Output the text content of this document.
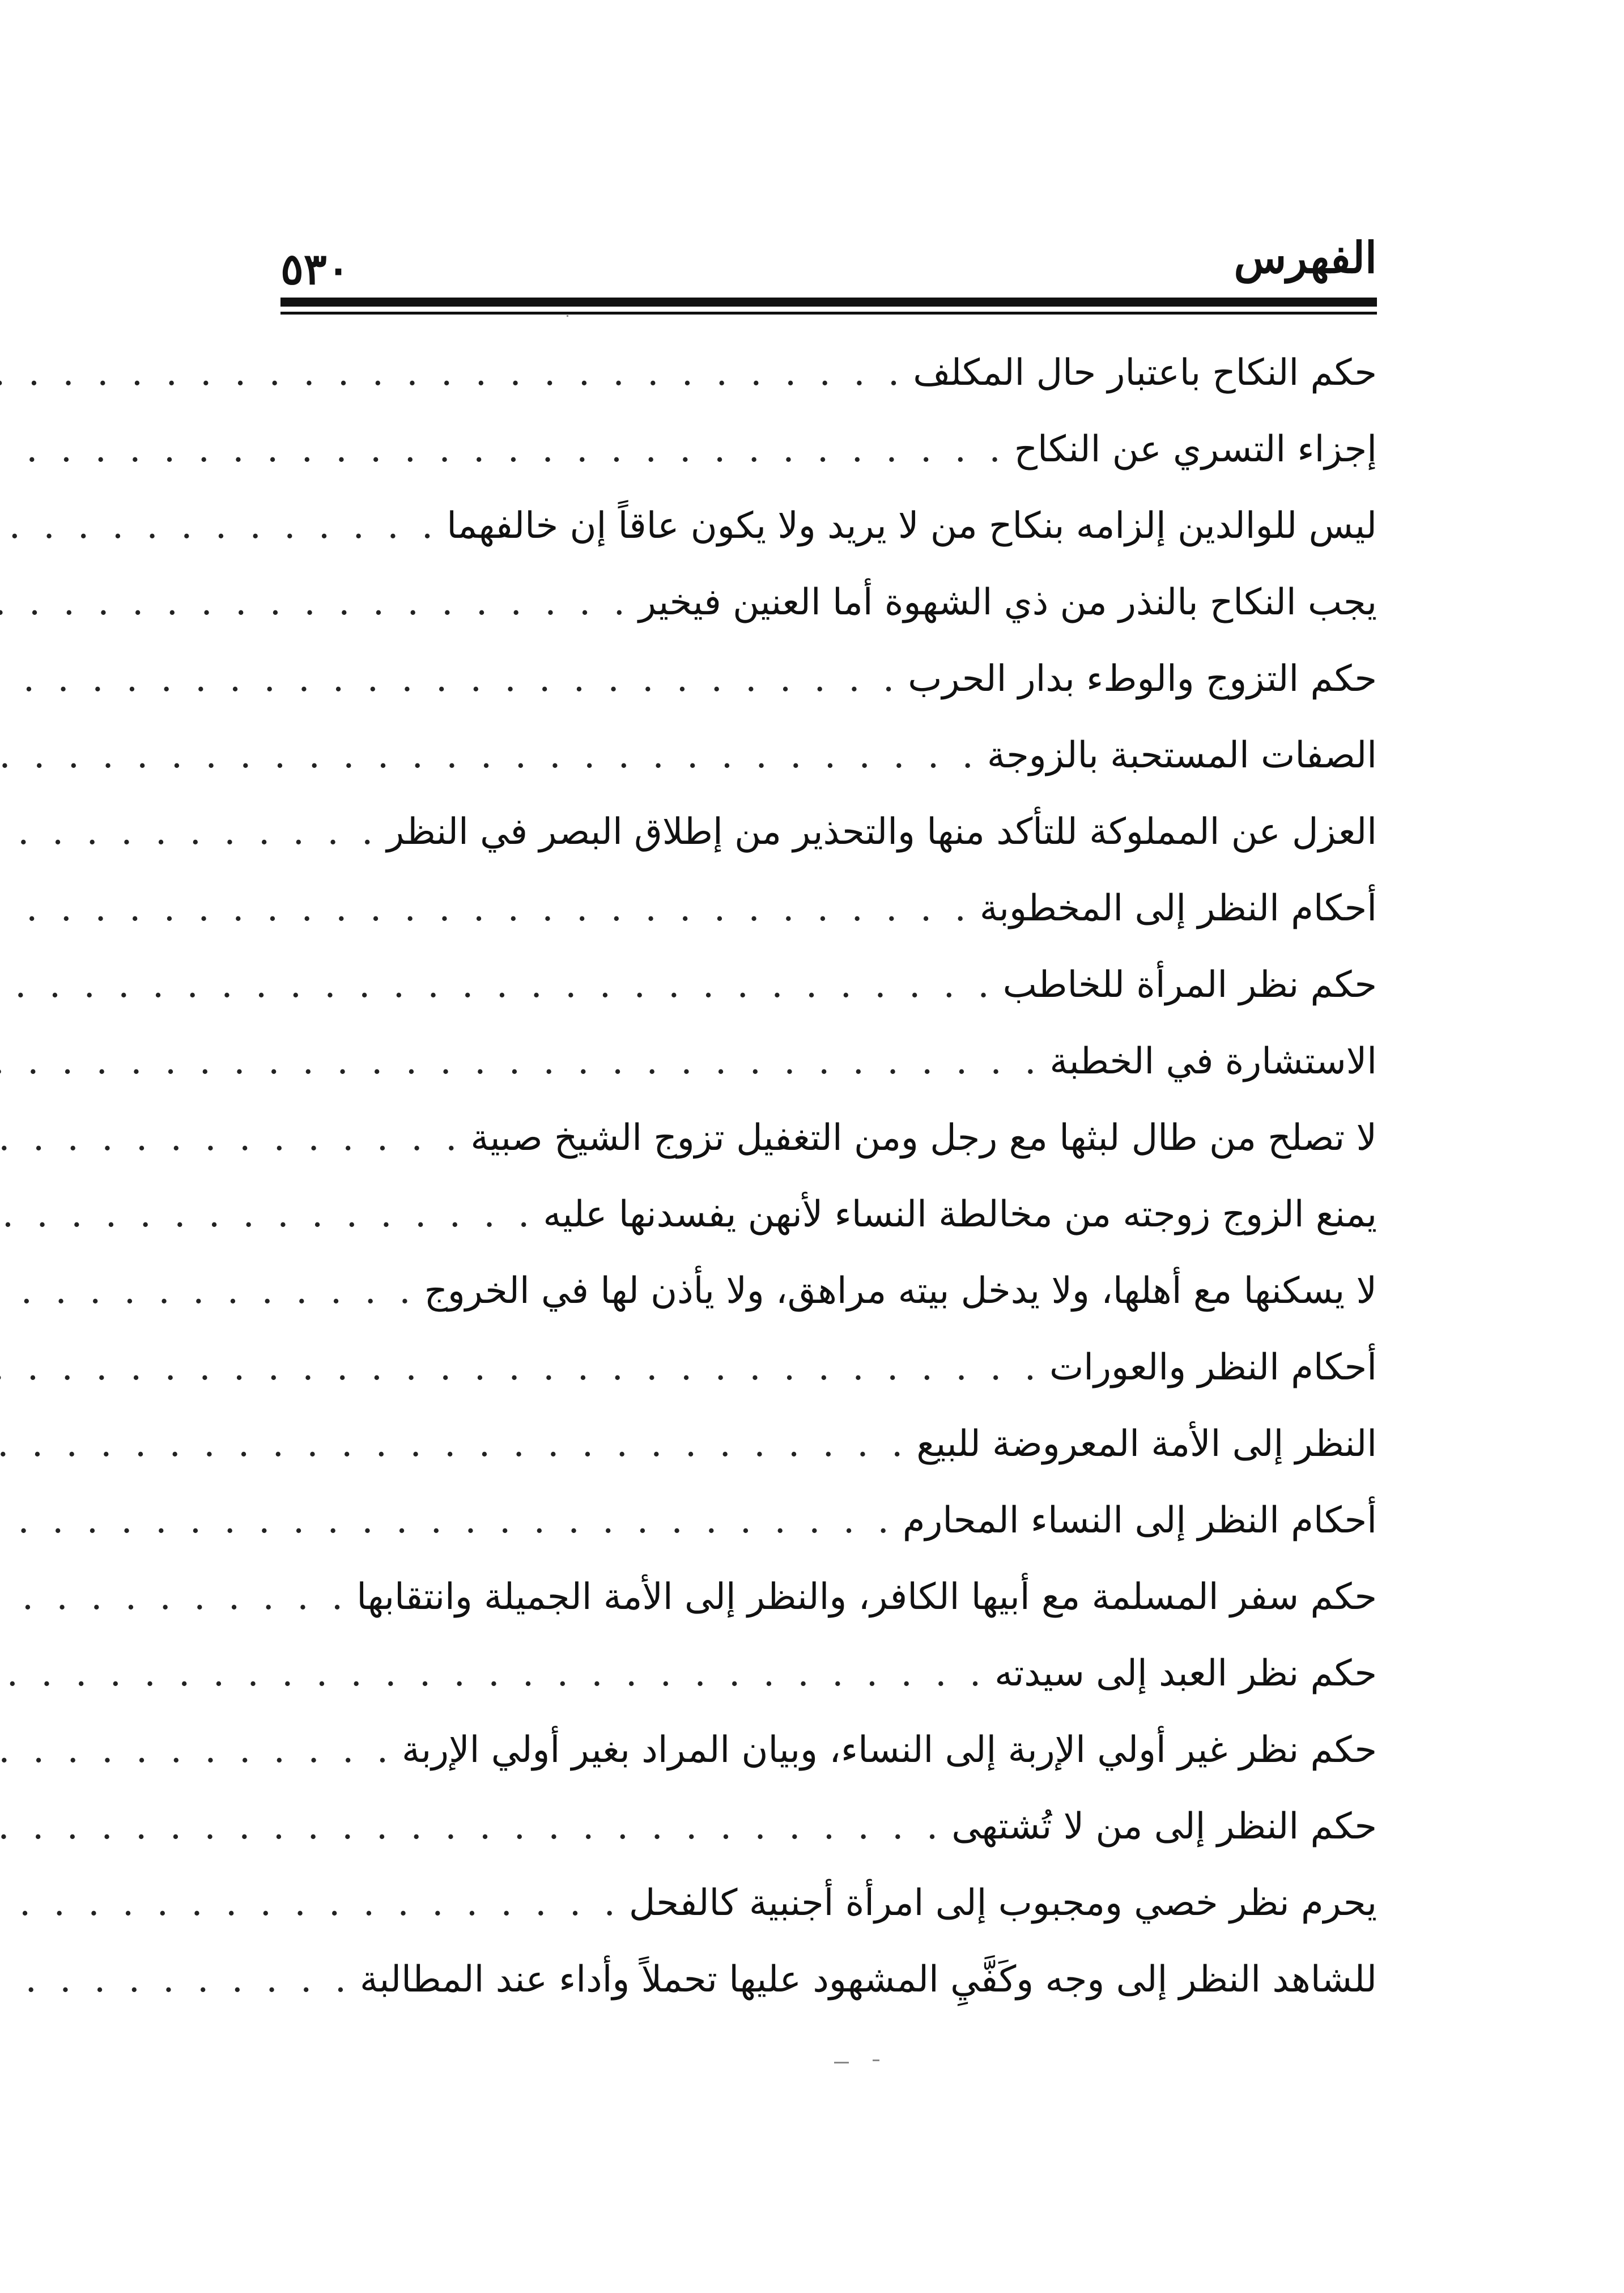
الفهرس
٥٣٠
حكم النكاح باعتبار حال المكلف
. . .
إجزاء التسري عن النكاح
. . .
ليس للوالدين إلزامه بنكاح من لا يريد ولا يكون عاقاً إن خالفهما
. . .
يجب النكاح بالنذر من ذي الشهوة أما العنين فيخير
. . .
حكم التزوج والوطء بدار الحرب
. . .
الصفات المستحبة بالزوجة
. . .
العزل عن المملوكة للتأكد منها والتحذير من إطلاق البصر في النظر
. . .
أحكام النظر إلى المخطوبة
. . .
حكم نظر المرأة للخاطب
. . .
الاستشارة في الخطبة
. . .
لا تصلح من طال لبثها مع رجل ومن التغفيل تزوج الشيخ صبية
. . .
يمنع الزوج زوجته من مخالطة النساء لأنهن يفسدنها عليه
. . .
لا يسكنها مع أهلها، ولا يدخل بيته مراهق، ولا يأذن لها في الخروج
. . .
أحكام النظر والعورات
. . .
النظر إلى الأمة المعروضة للبيع
. . .
أحكام النظر إلى النساء المحارم
. . .
حكم سفر المسلمة مع أبيها الكافر، والنظر إلى الأمة الجميلة وانتقابها
. . .
حكم نظر العبد إلى سيدته
. . .
حكم نظر غير أولي الإربة إلى النساء، وبيان المراد بغير أولي الإربة
. . .
حكم النظر إلى من لا تُشتهى
. . .
يحرم نظر خصي ومجبوب إلى امرأة أجنبية كالفحل
. . .
للشاهد النظر إلى وجه وكَفَّيِ المشهود عليها تحملاً وأداء عند المطالبة
. . .
